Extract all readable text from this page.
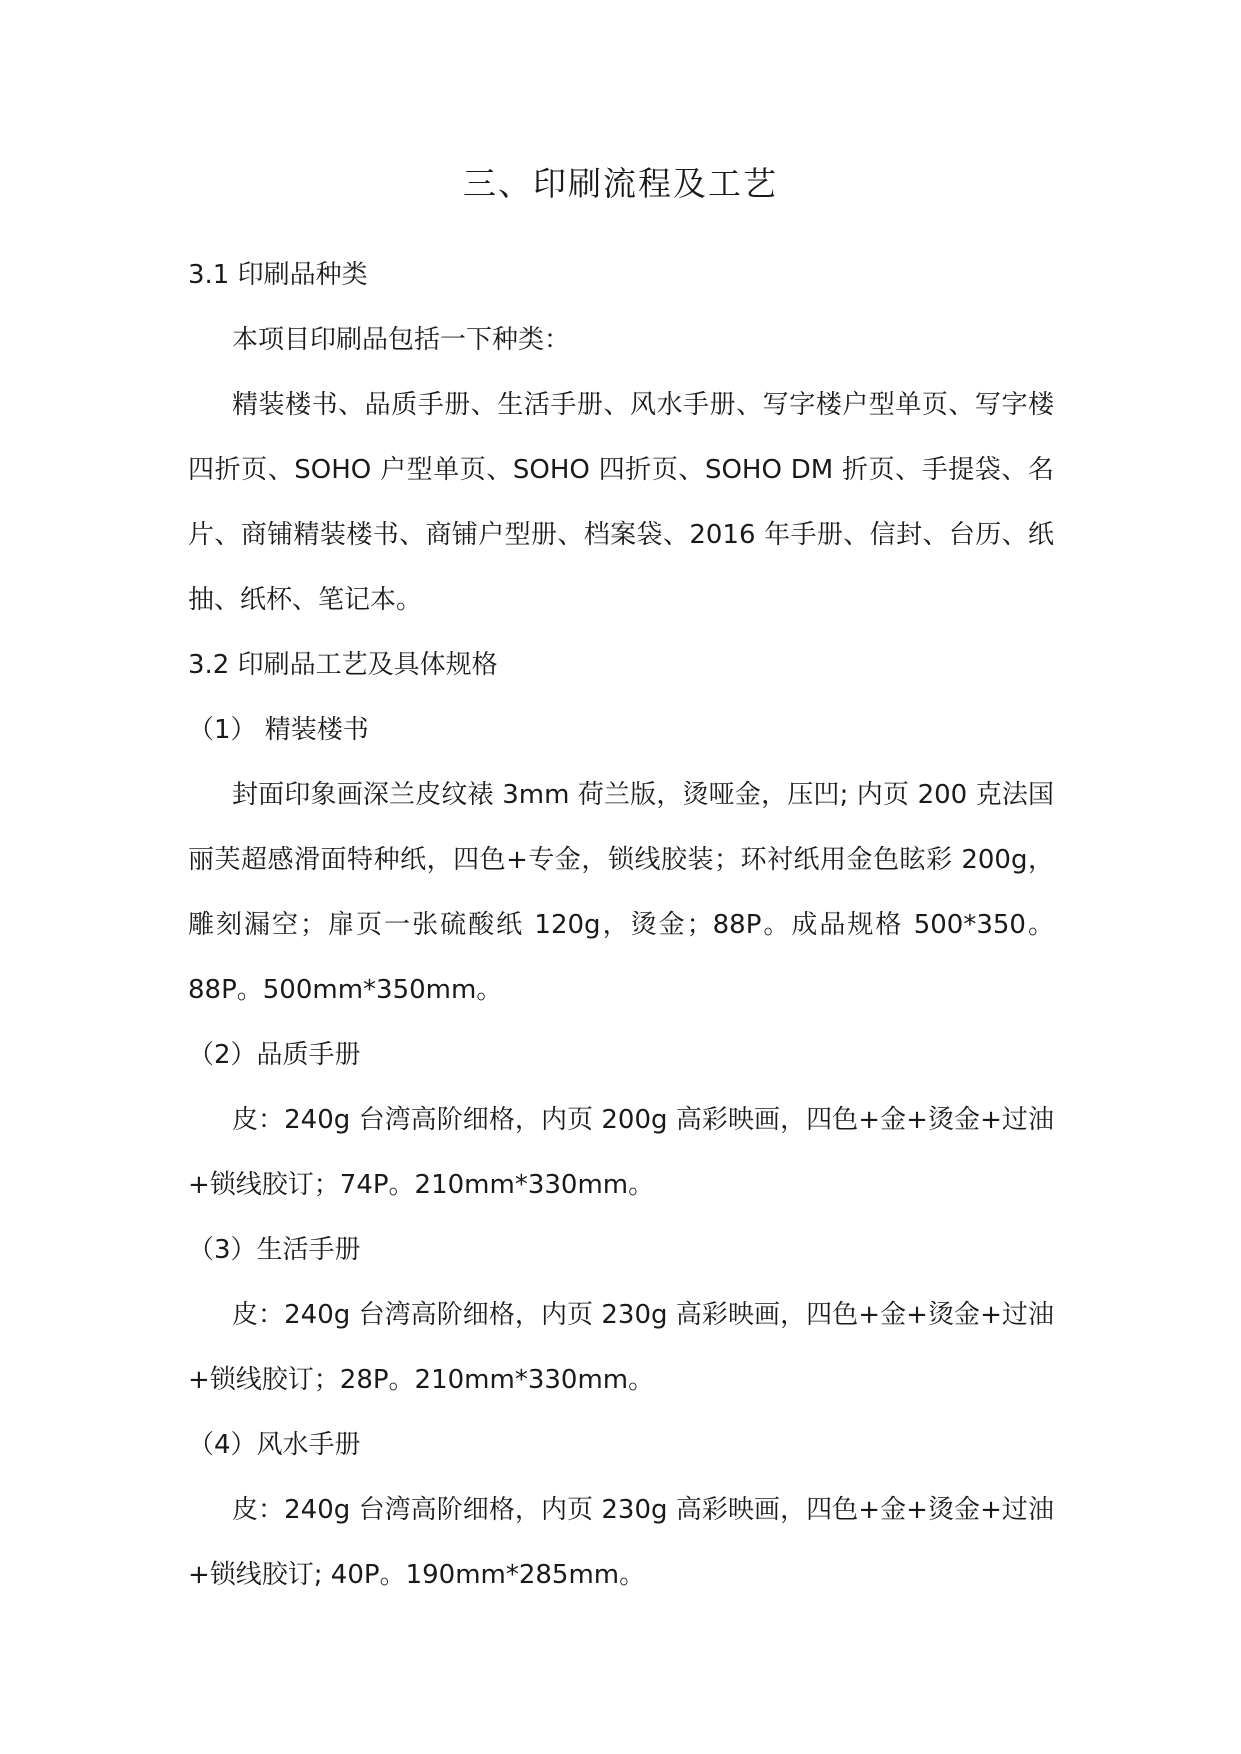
三、印刷流程及工艺

3.1 印刷品种类

本项目印刷品包括一下种类：

精装楼书、品质手册、生活手册、风水手册、写字楼户型单页、写字楼四折页、SOHO 户型单页、SOHO 四折页、SOHO DM 折页、手提袋、名片、商铺精装楼书、商铺户型册、档案袋、2016 年手册、信封、台历、纸抽、纸杯、笔记本。

3.2 印刷品工艺及具体规格

（1） 精装楼书

封面印象画深兰皮纹裱 3mm 荷兰版，烫哑金，压凹; 内页 200 克法国丽芙超感滑面特种纸，四色+专金，锁线胶装；环衬纸用金色眩彩 200g，雕刻漏空；扉页一张硫酸纸 120g，烫金；88P。成品规格 500*350。88P。500mm*350mm。

（2）品质手册

皮：240g 台湾高阶细格，内页 200g 高彩映画，四色+金+烫金+过油+锁线胶订；74P。210mm*330mm。

（3）生活手册

皮：240g 台湾高阶细格，内页 230g 高彩映画，四色+金+烫金+过油+锁线胶订；28P。210mm*330mm。

（4）风水手册

皮：240g 台湾高阶细格，内页 230g 高彩映画，四色+金+烫金+过油+锁线胶订; 40P。190mm*285mm。
